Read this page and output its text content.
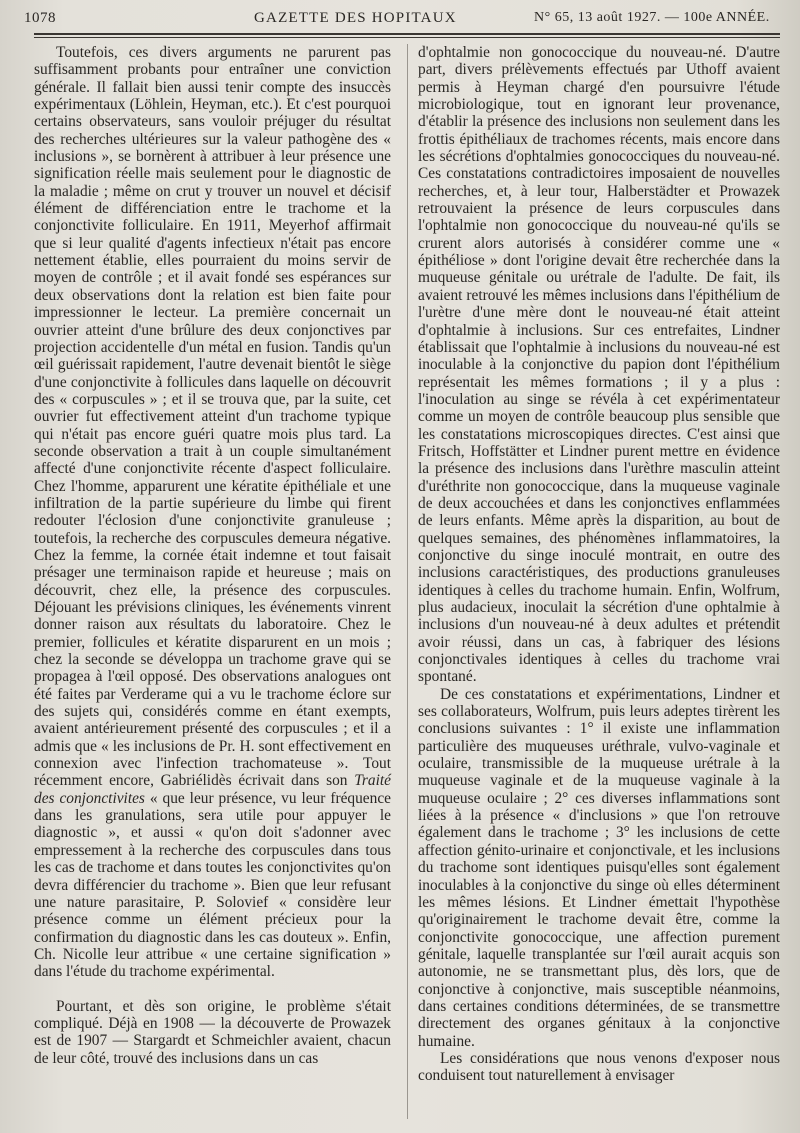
1078	GAZETTE DES HOPITAUX	N° 65, 13 août 1927. — 100e ANNÉE.

Toutefois, ces divers arguments ne parurent pas suffisamment probants pour entraîner une conviction générale. Il fallait bien aussi tenir compte des insuccès expérimentaux (Löhlein, Heyman, etc.). Et c'est pourquoi certains observateurs, sans vouloir préjuger du résultat des recherches ultérieures sur la valeur pathogène des « inclusions », se bornèrent à attribuer à leur présence une signification réelle mais seulement pour le diagnostic de la maladie ; même on crut y trouver un nouvel et décisif élément de différenciation entre le trachome et la conjonctivite folliculaire. En 1911, Meyerhof affirmait que si leur qualité d'agents infectieux n'était pas encore nettement établie, elles pourraient du moins servir de moyen de contrôle ; et il avait fondé ses espérances sur deux observations dont la relation est bien faite pour impressionner le lecteur. La première concernait un ouvrier atteint d'une brûlure des deux conjonctives par projection accidentelle d'un métal en fusion. Tandis qu'un œil guérissait rapidement, l'autre devenait bientôt le siège d'une conjonctivite à follicules dans laquelle on découvrit des « corpuscules » ; et il se trouva que, par la suite, cet ouvrier fut effectivement atteint d'un trachome typique qui n'était pas encore guéri quatre mois plus tard. La seconde observation a trait à un couple simultanément affecté d'une conjonctivite récente d'aspect folliculaire. Chez l'homme, apparurent une kératite épithéliale et une infiltration de la partie supérieure du limbe qui firent redouter l'éclosion d'une conjonctivite granuleuse ; toutefois, la recherche des corpuscules demeura négative. Chez la femme, la cornée était indemne et tout faisait présager une terminaison rapide et heureuse ; mais on découvrit, chez elle, la présence des corpuscules. Déjouant les prévisions cliniques, les événements vinrent donner raison aux résultats du laboratoire. Chez le premier, follicules et kératite disparurent en un mois ; chez la seconde se développa un trachome grave qui se propagea à l'œil opposé. Des observations analogues ont été faites par Verderame qui a vu le trachome éclore sur des sujets qui, considérés comme en étant exempts, avaient antérieurement présenté des corpuscules ; et il a admis que « les inclusions de Pr. H. sont effectivement en connexion avec l'infection trachomateuse ». Tout récemment encore, Gabriélidès écrivait dans son Traité des conjonctivites « que leur présence, vu leur fréquence dans les granulations, sera utile pour appuyer le diagnostic », et aussi « qu'on doit s'adonner avec empressement à la recherche des corpuscules dans tous les cas de trachome et dans toutes les conjonctivites qu'on devra différencier du trachome ». Bien que leur refusant une nature parasitaire, P. Solovief « considère leur présence comme un élément précieux pour la confirmation du diagnostic dans les cas douteux ». Enfin, Ch. Nicolle leur attribue « une certaine signification » dans l'étude du trachome expérimental.

Pourtant, et dès son origine, le problème s'était compliqué. Déjà en 1908 — la découverte de Prowazek est de 1907 — Stargardt et Schmeichler avaient, chacun de leur côté, trouvé des inclusions dans un cas

d'ophtalmie non gonococcique du nouveau-né. D'autre part, divers prélèvements effectués par Uthoff avaient permis à Heyman chargé d'en poursuivre l'étude microbiologique, tout en ignorant leur provenance, d'établir la présence des inclusions non seulement dans les frottis épithéliaux de trachomes récents, mais encore dans les sécrétions d'ophtalmies gonococciques du nouveau-né. Ces constatations contradictoires imposaient de nouvelles recherches, et, à leur tour, Halberstädter et Prowazek retrouvaient la présence de leurs corpuscules dans l'ophtalmie non gonococcique du nouveau-né qu'ils se crurent alors autorisés à considérer comme une « épithéliose » dont l'origine devait être recherchée dans la muqueuse génitale ou urétrale de l'adulte. De fait, ils avaient retrouvé les mêmes inclusions dans l'épithélium de l'urètre d'une mère dont le nouveau-né était atteint d'ophtalmie à inclusions. Sur ces entrefaites, Lindner établissait que l'ophtalmie à inclusions du nouveau-né est inoculable à la conjonctive du papion dont l'épithélium représentait les mêmes formations ; il y a plus : l'inoculation au singe se révéla à cet expérimentateur comme un moyen de contrôle beaucoup plus sensible que les constatations microscopiques directes. C'est ainsi que Fritsch, Hoffstätter et Lindner purent mettre en évidence la présence des inclusions dans l'urèthre masculin atteint d'uréthrite non gonococcique, dans la muqueuse vaginale de deux accouchées et dans les conjonctives enflammées de leurs enfants. Même après la disparition, au bout de quelques semaines, des phénomènes inflammatoires, la conjonctive du singe inoculé montrait, en outre des inclusions caractéristiques, des productions granuleuses identiques à celles du trachome humain. Enfin, Wolfrum, plus audacieux, inoculait la sécrétion d'une ophtalmie à inclusions d'un nouveau-né à deux adultes et prétendit avoir réussi, dans un cas, à fabriquer des lésions conjonctivales identiques à celles du trachome vrai spontané.

De ces constatations et expérimentations, Lindner et ses collaborateurs, Wolfrum, puis leurs adeptes tirèrent les conclusions suivantes : 1° il existe une inflammation particulière des muqueuses uréthrale, vulvo-vaginale et oculaire, transmissible de la muqueuse urétrale à la muqueuse vaginale et de la muqueuse vaginale à la muqueuse oculaire ; 2° ces diverses inflammations sont liées à la présence « d'inclusions » que l'on retrouve également dans le trachome ; 3° les inclusions de cette affection génito-urinaire et conjonctivale, et les inclusions du trachome sont identiques puisqu'elles sont également inoculables à la conjonctive du singe où elles déterminent les mêmes lésions. Et Lindner émettait l'hypothèse qu'originairement le trachome devait être, comme la conjonctivite gonococcique, une affection purement génitale, laquelle transplantée sur l'œil aurait acquis son autonomie, ne se transmettant plus, dès lors, que de conjonctive à conjonctive, mais susceptible néanmoins, dans certaines conditions déterminées, de se transmettre directement des organes génitaux à la conjonctive humaine.

Les considérations que nous venons d'exposer nous conduisent tout naturellement à envisager
